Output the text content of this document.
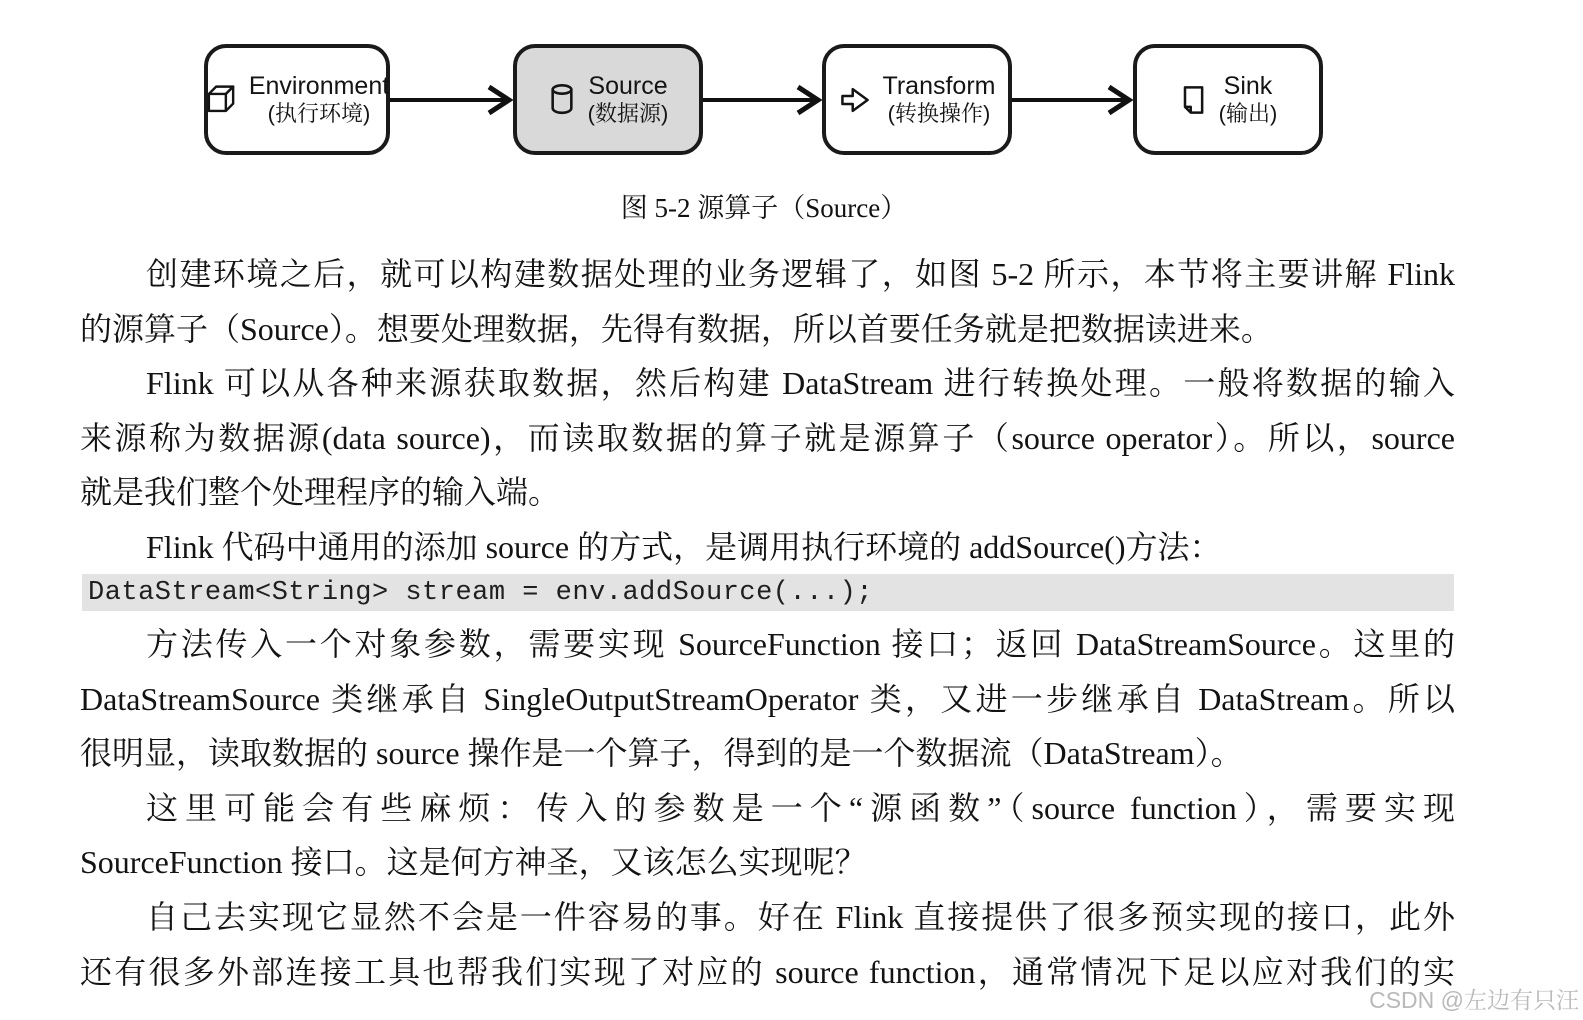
Environment
(执行环境)
Source
(数据源)
Transform
(转换操作)
Sink
(输出)
图 5-2 源算子（Source）
创建环境之后，就可以构建数据处理的业务逻辑了，如图 5-2 所示，本节将主要讲解 Flink
的源算子（Source）。想要处理数据，先得有数据，所以首要任务就是把数据读进来。
Flink 可以从各种来源获取数据，然后构建 DataStream 进行转换处理。一般将数据的输入
来源称为数据源(data source)，而读取数据的算子就是源算子（source operator）。所以，source
就是我们整个处理程序的输入端。
Flink 代码中通用的添加 source 的方式，是调用执行环境的 addSource()方法：
DataStream<String> stream = env.addSource(...);
方法传入一个对象参数，需要实现 SourceFunction 接口；返回 DataStreamSource。这里的
DataStreamSource 类继承自 SingleOutputStreamOperator 类，又进一步继承自 DataStream。所以
很明显，读取数据的 source 操作是一个算子，得到的是一个数据流（DataStream）。
这里可能会有些麻烦：传入的参数是一个“源函数”（source function），需要实现
SourceFunction 接口。这是何方神圣，又该怎么实现呢？
自己去实现它显然不会是一件容易的事。好在 Flink 直接提供了很多预实现的接口，此外
还有很多外部连接工具也帮我们实现了对应的 source function，通常情况下足以应对我们的实
CSDN @左边有只汪
